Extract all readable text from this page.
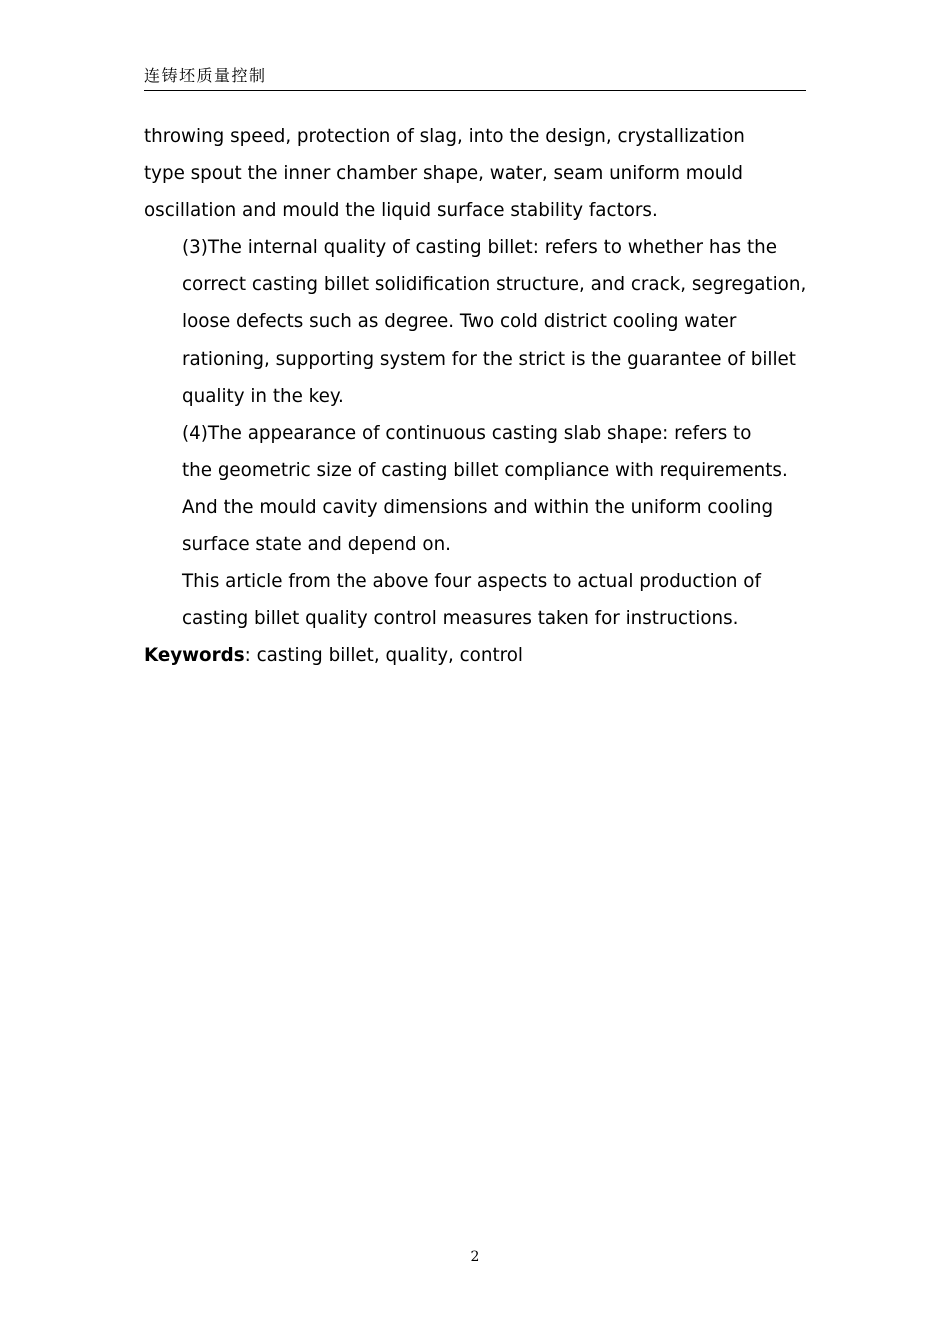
连铸坯质量控制

throwing speed, protection of slag, into the design, crystallization
type spout the inner chamber shape, water, seam uniform mould
oscillation and mould the liquid surface stability factors.

(3)The internal quality of casting billet: refers to whether has the
correct casting billet solidification structure, and crack, segregation,
loose defects such as degree. Two cold district cooling water
rationing, supporting system for the strict is the guarantee of billet
quality in the key.

(4)The appearance of continuous casting slab shape: refers to
the geometric size of casting billet compliance with requirements.
And the mould cavity dimensions and within the uniform cooling
surface state and depend on.

This article from the above four aspects to actual production of
casting billet quality control measures taken for instructions.

Keywords: casting billet, quality, control

2
